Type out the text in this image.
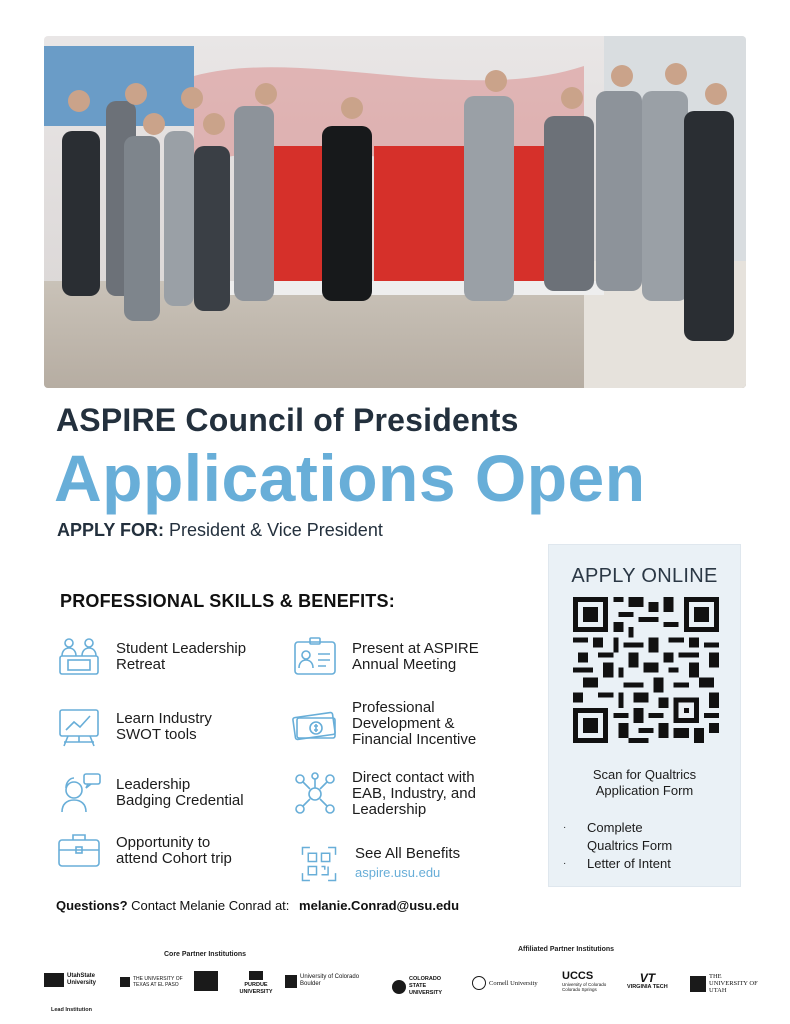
ASPIRE Council of Presidents
Applications Open
APPLY FOR: President & Vice President
PROFESSIONAL SKILLS & BENEFITS:
Student Leadership
Retreat
Present at ASPIRE
Annual Meeting
Learn Industry
SWOT tools
Professional
Development &
Financial Incentive
Leadership
Badging Credential
Direct contact with
EAB, Industry, and
Leadership
Opportunity to
attend Cohort trip	See All Benefits

aspire.usu.edu

APPLY ONLINE
Scan for Qualtrics
Application Form
·	Complete
Qualtrics Form
·	Letter of Intent
Questions? Contact Melanie Conrad at: melanie.Conrad@usu.edu
Core Partner Institutions
Affiliated Partner Institutions
UtahState University
Lead Institution
THE UNIVERSITY OF TEXAS AT EL PASO	PURDUE UNIVERSITY
University of Colorado Boulder
COLORADO STATE UNIVERSITY
Cornell University
UCCS
University of Colorado Colorado Springs
VT
VIRGINIA TECH
THE UNIVERSITY OF UTAH
